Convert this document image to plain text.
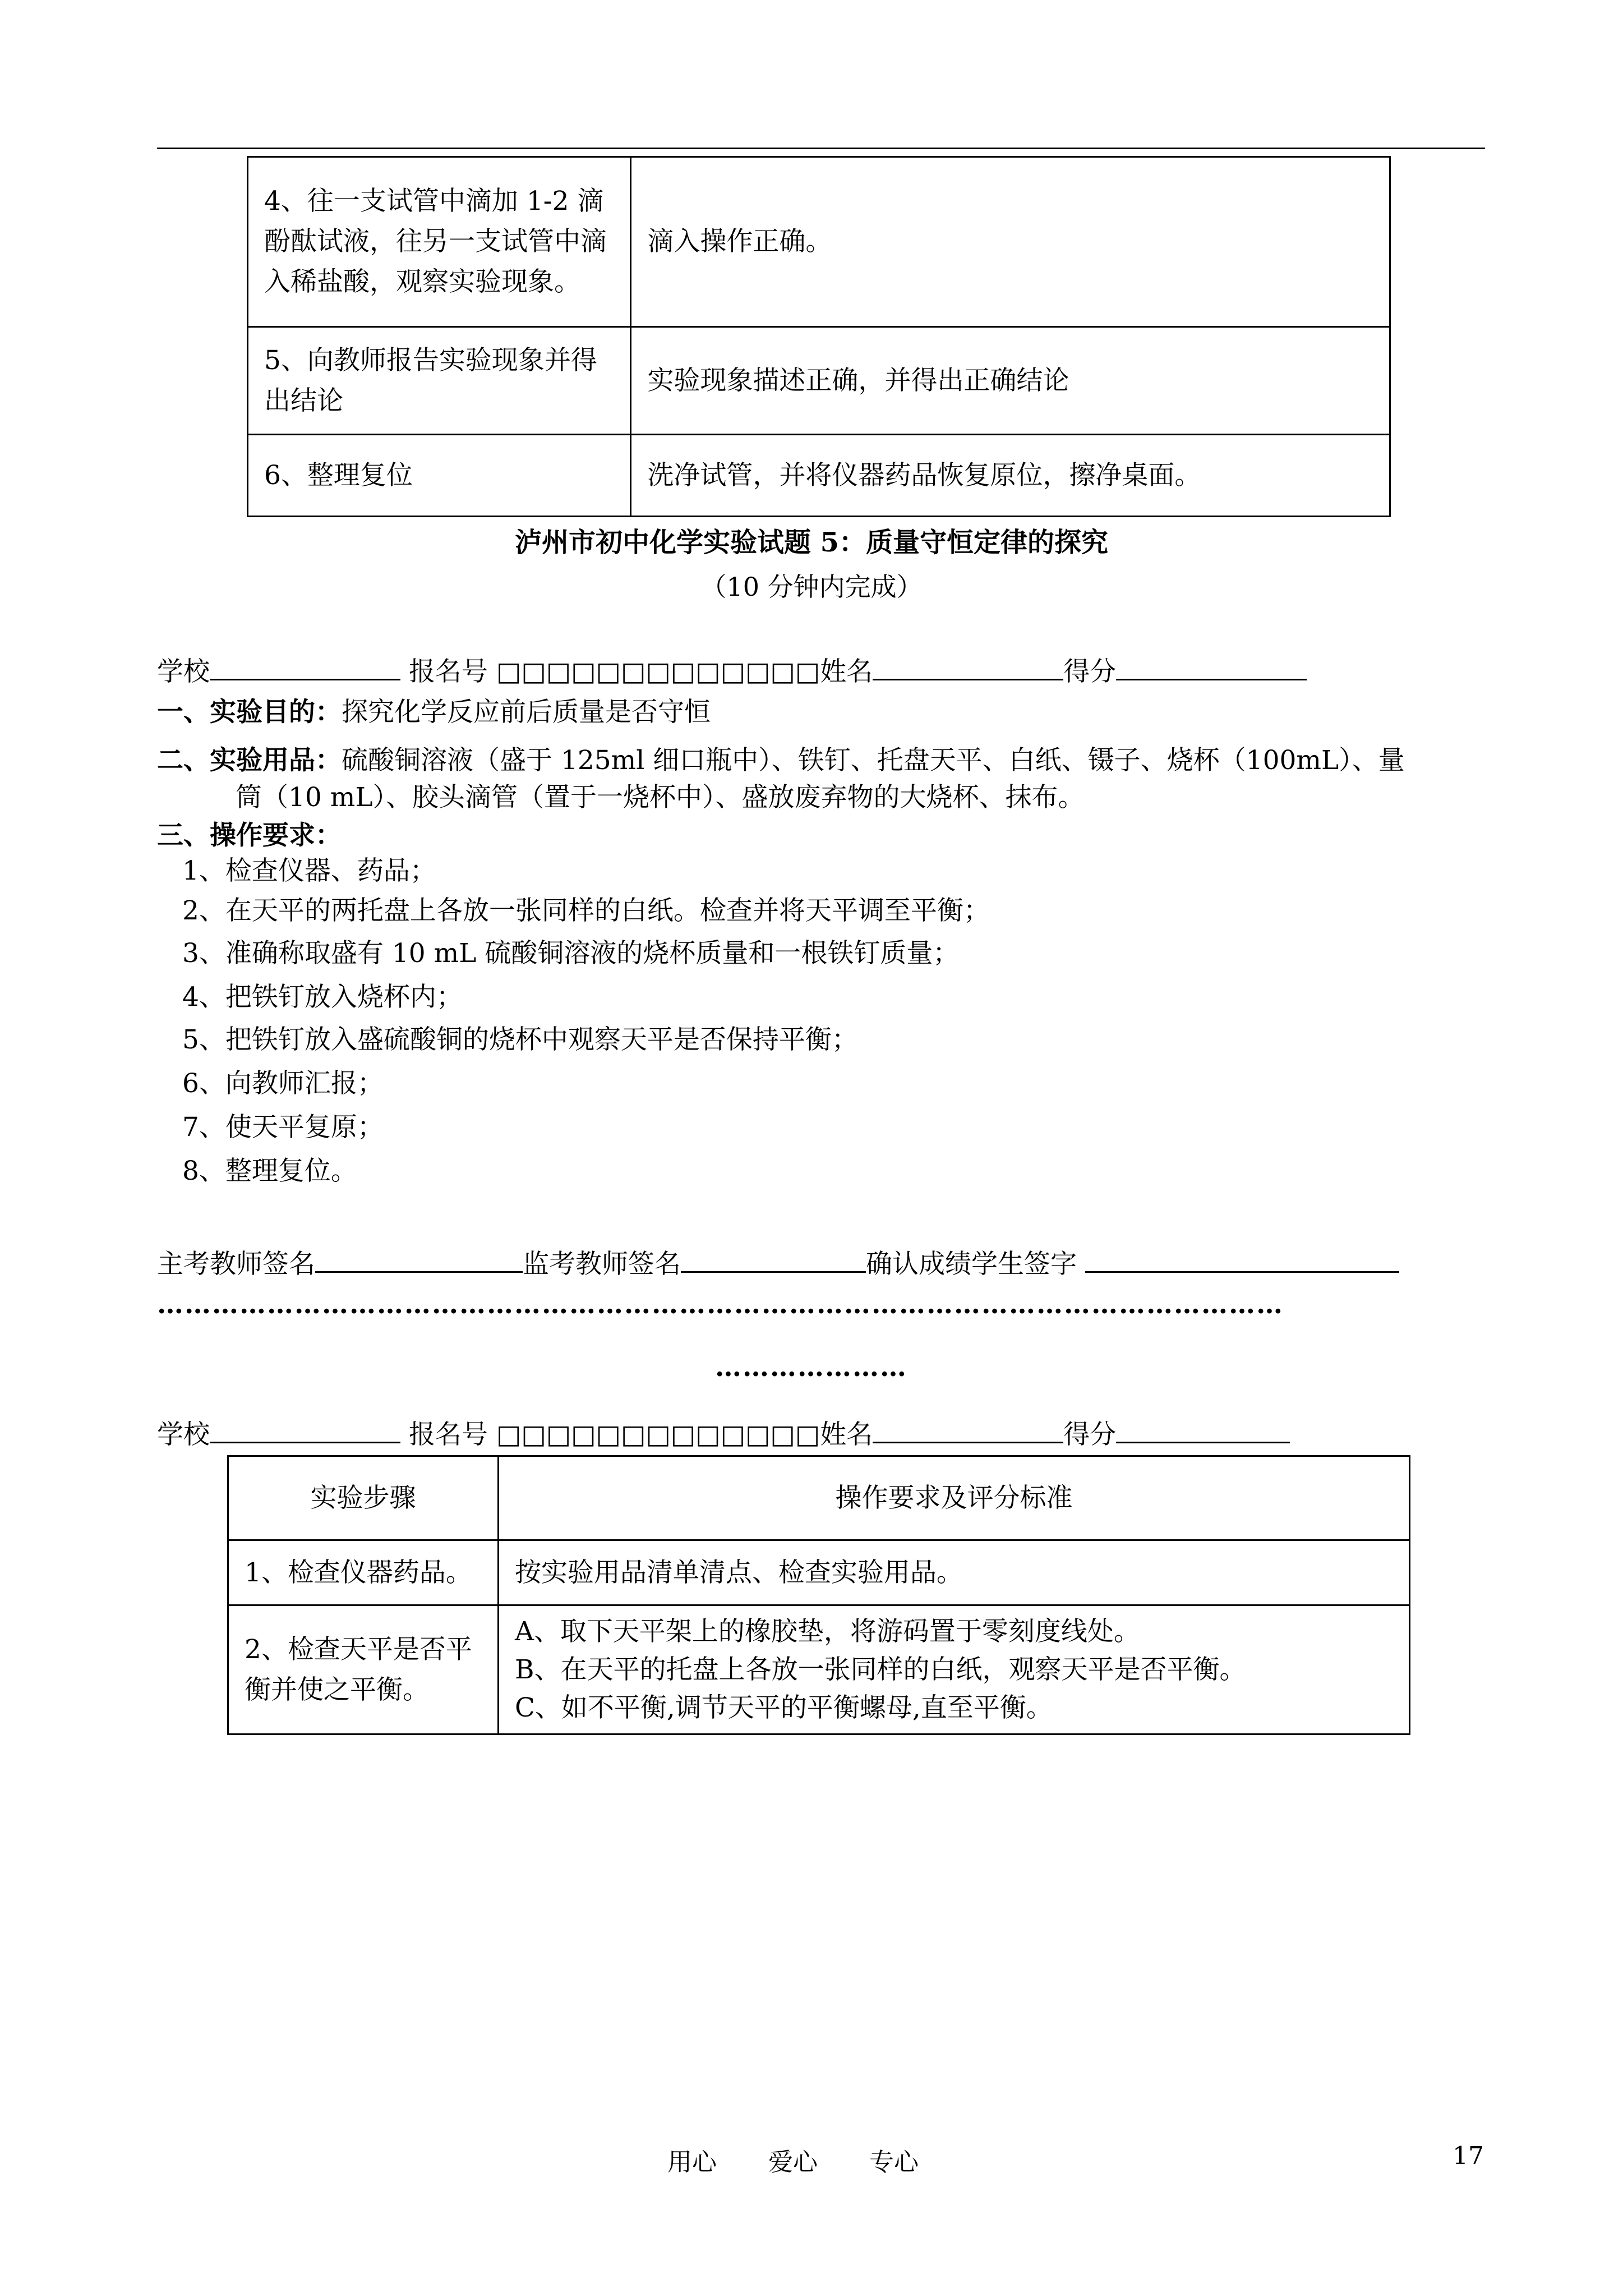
4、往一支试管中滴加 1-2 滴酚酞试液，往另一支试管中滴入稀盐酸，观察实验现象。	滴入操作正确。
5、向教师报告实验现象并得出结论	实验现象描述正确，并得出正确结论
6、整理复位	洗净试管，并将仪器药品恢复原位，擦净桌面。
泸州市初中化学实验试题 5：质量守恒定律的探究
（10 分钟内完成）
学校	报名号 □□□□□□□□□□□□□姓名	得分
一、实验目的：探究化学反应前后质量是否守恒
二、实验用品：硫酸铜溶液（盛于 125ml 细口瓶中）、铁钉、托盘天平、白纸、镊子、烧杯（100mL）、量
筒（10 mL）、胶头滴管（置于一烧杯中）、盛放废弃物的大烧杯、抹布。
三、操作要求：
1、检查仪器、药品；
2、在天平的两托盘上各放一张同样的白纸。检查并将天平调至平衡；
3、准确称取盛有 10 mL 硫酸铜溶液的烧杯质量和一根铁钉质量；
4、把铁钉放入烧杯内；
5、把铁钉放入盛硫酸铜的烧杯中观察天平是否保持平衡；
6、向教师汇报；
7、使天平复原；
8、整理复位。
主考教师签名	监考教师签名	确认成绩学生签字
……………………………………………………………………………………………………………
…………………
学校	报名号 □□□□□□□□□□□□□姓名	得分
实验步骤	操作要求及评分标准
1、检查仪器药品。	按实验用品清单清点、检查实验用品。
2、检查天平是否平衡并使之平衡。	A、取下天平架上的橡胶垫，将游码置于零刻度线处。
B、在天平的托盘上各放一张同样的白纸，观察天平是否平衡。
C、如不平衡,调节天平的平衡螺母,直至平衡。
用心 爱心 专心	17
